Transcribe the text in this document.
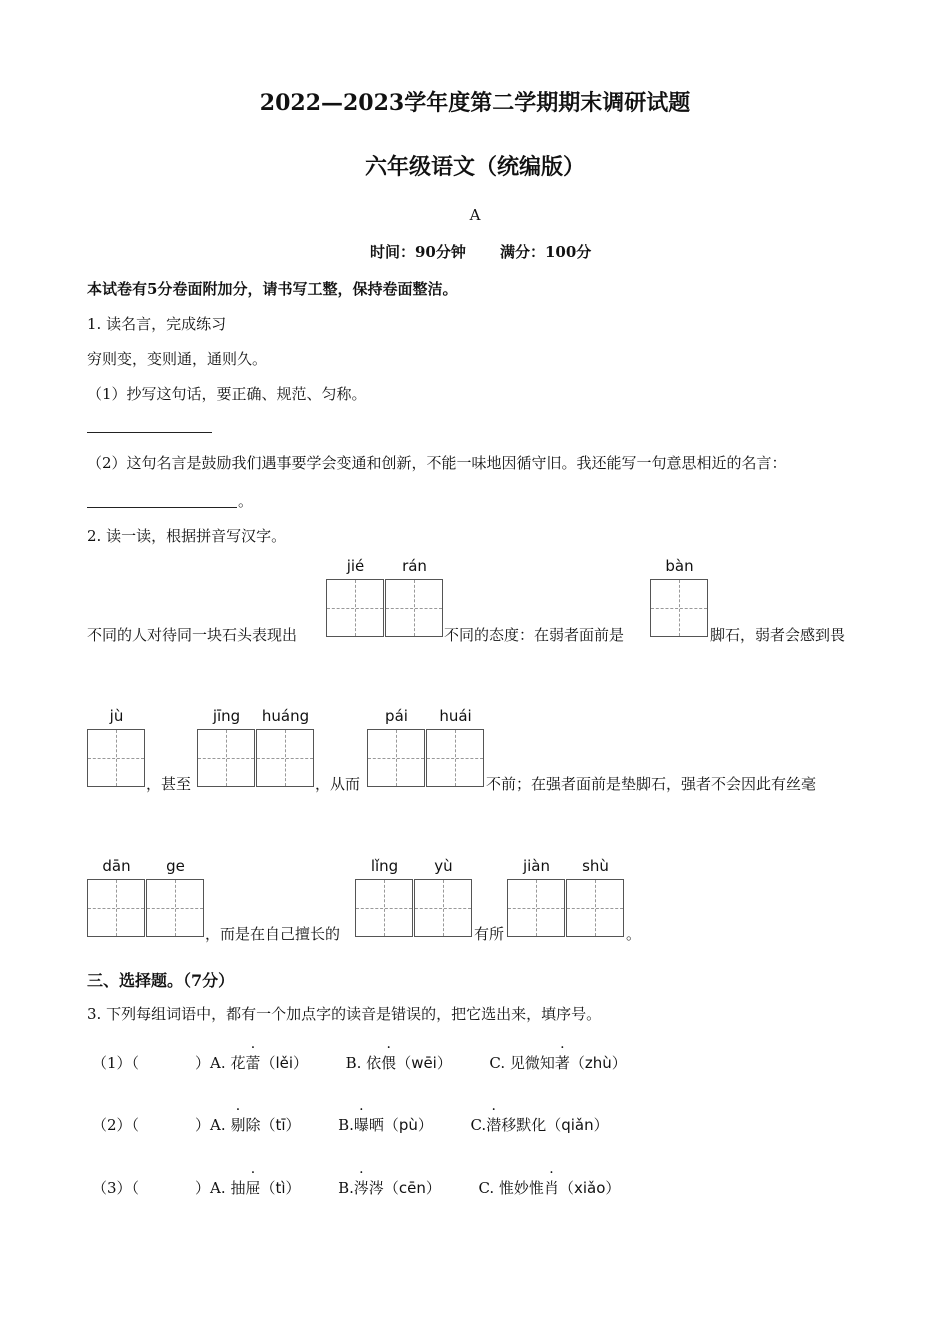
2022—2023学年度第二学期期末调研试题
六年级语文（统编版）
A
时间：90分钟 满分：100分
本试卷有5分卷面附加分，请书写工整，保持卷面整洁。
1. 读名言，完成练习
穷则变，变则通，通则久。
（1）抄写这句话，要正确、规范、匀称。
（2）这句名言是鼓励我们遇事要学会变通和创新，不能一味地因循守旧。我还能写一句意思相近的名言：
。
2. 读一读，根据拼音写汉字。
jié	rán	bàn
不同的人对待同一块石头表现出	不同的态度：在弱者面前是	脚石，弱者会感到畏
jù	jīng	huáng	pái	huái
，甚至	，从而	不前；在强者面前是垫脚石，强者不会因此有丝毫
dān	ge	lǐng	yù	jiàn	shù
，而是在自己擅长的	有所	。
三、选择题。（7分）
3. 下列每组词语中，都有一个加点字的读音是错误的，把它选出来，填序号。
（1）（	）A. 花蕾（lěi）	B. 依偎（wēi）	C. 见微知著（zhù）
（2）（	）A. 剔除（tī）	B.曝晒（pù）	C.潜移默化（qiǎn）
（3）（	）A. 抽屉（tì）	B.涔涔（cēn）	C. 惟妙惟肖（xiǎo）
